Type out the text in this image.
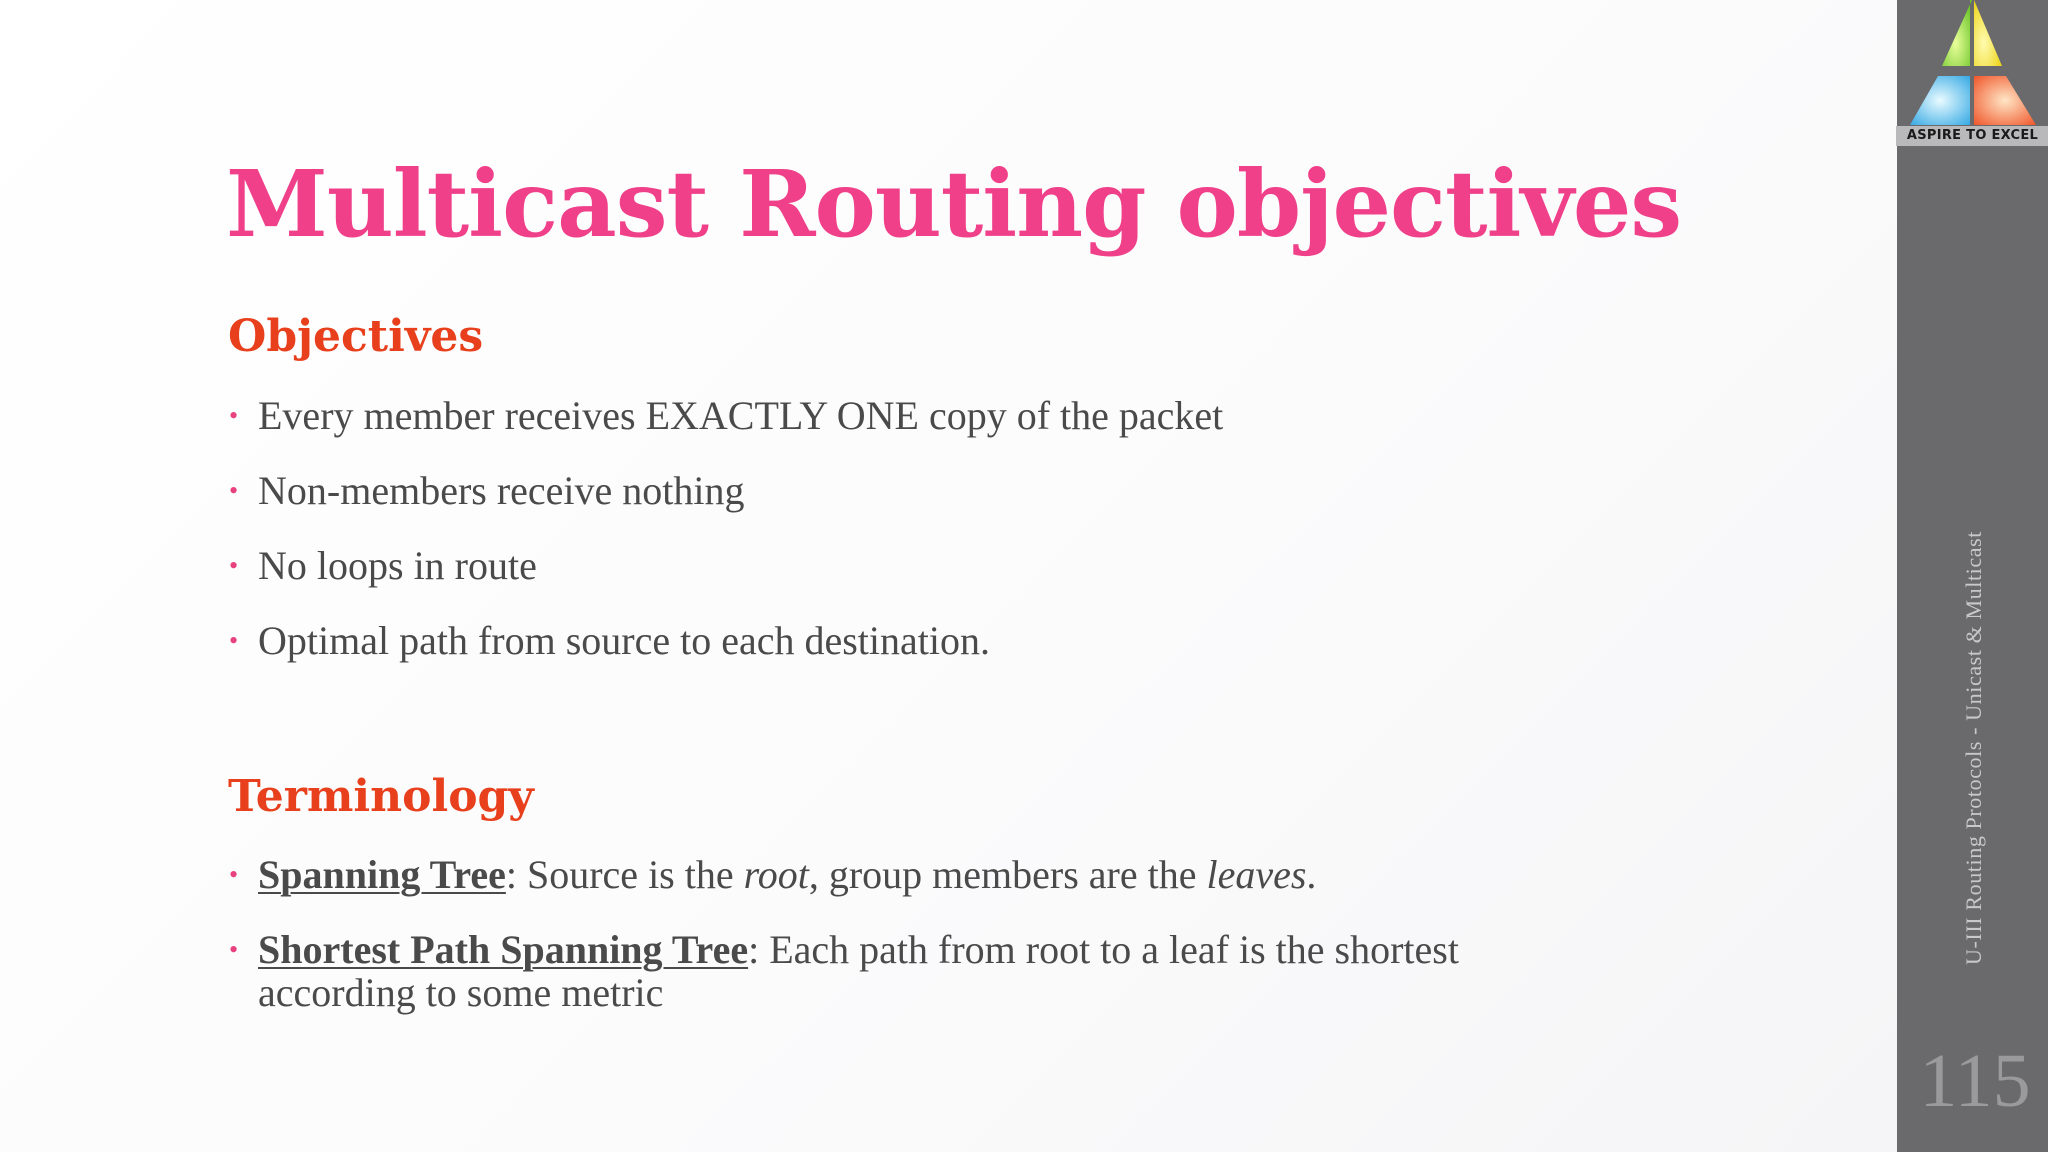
Multicast Routing objectives
Objectives
• Every member receives EXACTLY ONE copy of the packet
• Non-members receive nothing
• No loops in route
• Optimal path from source to each destination.
Terminology
• Spanning Tree: Source is the root, group members are the leaves.
• Shortest Path Spanning Tree: Each path from root to a leaf is the shortest according to some metric
ASPIRE TO EXCEL
U-III Routing Protocols - Unicast & Multicast
115
